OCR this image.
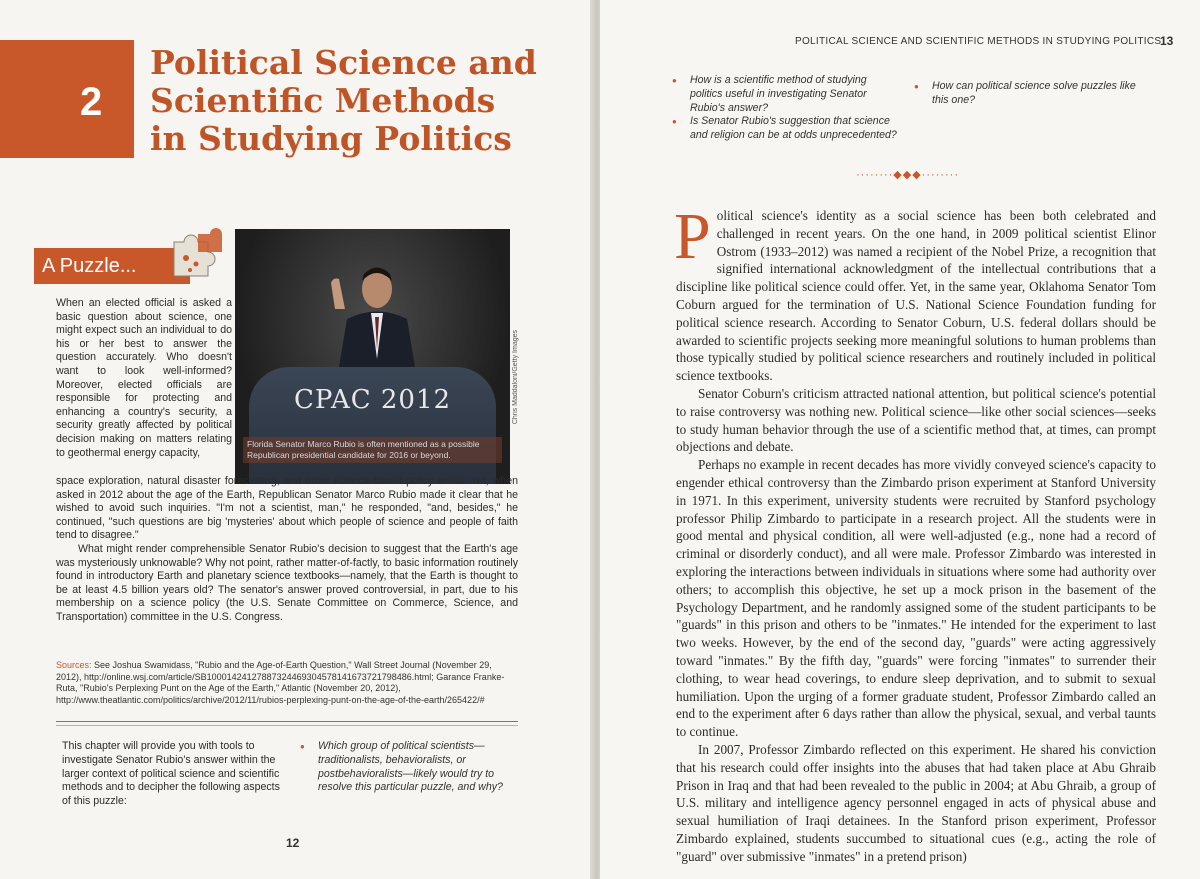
2
Political Science and
Scientific Methods
in Studying Politics
A Puzzle...
CPAC 2012
Florida Senator Marco Rubio is often mentioned as a possible Republican presidential candidate for 2016 or beyond.
Chris Maddaloni/Getty Images

When an elected official is asked a basic question about science, one might expect such an individual to do his or her best to answer the question accurately. Who doesn't want to look well-informed? Moreover, elected officials are responsible for protecting and enhancing a country's security, a security greatly affected by political decision making on matters relating to geothermal energy capacity,

space exploration, natural disaster forecasting, and other science-based policy areas. Yet, when asked in 2012 about the age of the Earth, Republican Senator Marco Rubio made it clear that he wished to avoid such inquiries. "I'm not a scientist, man," he responded, "and, besides," he continued, "such questions are big 'mysteries' about which people of science and people of faith tend to disagree."

What might render comprehensible Senator Rubio's decision to suggest that the Earth's age was mysteriously unknowable? Why not point, rather matter-of-factly, to basic information routinely found in introductory Earth and planetary science textbooks—namely, that the Earth is thought to be at least 4.5 billion years old? The senator's answer proved controversial, in part, due to his membership on a science policy (the U.S. Senate Committee on Commerce, Science, and Transportation) committee in the U.S. Congress.

Sources: See Joshua Swamidass, "Rubio and the Age-of-Earth Question," Wall Street Journal (November 29, 2012), http://online.wsj.com/article/SB10001424127887324469304578141673721798486.html; Garance Franke-Ruta, "Rubio's Perplexing Punt on the Age of the Earth," Atlantic (November 20, 2012), http://www.theatlantic.com/politics/archive/2012/11/rubios-perplexing-punt-on-the-age-of-the-earth/265422/#

This chapter will provide you with tools to investigate Senator Rubio's answer within the larger context of political science and scientific methods and to decipher the following aspects of this puzzle:
● Which group of political scientists—traditionalists, behavioralists, or postbehavioralists—likely would try to resolve this particular puzzle, and why?
12
POLITICAL SCIENCE AND SCIENTIFIC METHODS IN STUDYING POLITICS
13
● How is a scientific method of studying politics useful in investigating Senator Rubio's answer?
● Is Senator Rubio's suggestion that science and religion can be at odds unprecedented?
● How can political science solve puzzles like this one?
········◆◆◆········

Political science's identity as a social science has been both celebrated and challenged in recent years. On the one hand, in 2009 political scientist Elinor Ostrom (1933–2012) was named a recipient of the Nobel Prize, a recognition that signified international acknowledgment of the intellectual contributions that a discipline like political science could offer. Yet, in the same year, Oklahoma Senator Tom Coburn argued for the termination of U.S. National Science Foundation funding for political science research. According to Senator Coburn, U.S. federal dollars should be awarded to scientific projects seeking more meaningful solutions to human problems than those typically studied by political science researchers and routinely included in political science textbooks.

Senator Coburn's criticism attracted national attention, but political science's potential to raise controversy was nothing new. Political science—like other social sciences—seeks to study human behavior through the use of a scientific method that, at times, can prompt objections and debate.

Perhaps no example in recent decades has more vividly conveyed science's capacity to engender ethical controversy than the Zimbardo prison experiment at Stanford University in 1971. In this experiment, university students were recruited by Stanford psychology professor Philip Zimbardo to participate in a research project. All the students were in good mental and physical condition, all were well-adjusted (e.g., none had a record of criminal or disorderly conduct), and all were male. Professor Zimbardo was interested in exploring the interactions between individuals in situations where some had authority over others; to accomplish this objective, he set up a mock prison in the basement of the Psychology Department, and he randomly assigned some of the student participants to be "guards" in this prison and others to be "inmates." He intended for the experiment to last two weeks. However, by the end of the second day, "guards" were acting aggressively toward "inmates." By the fifth day, "guards" were forcing "inmates" to surrender their clothing, to wear head coverings, to endure sleep deprivation, and to submit to sexual humiliation. Upon the urging of a former graduate student, Professor Zimbardo called an end to the experiment after 6 days rather than allow the physical, sexual, and verbal taunts to continue.

In 2007, Professor Zimbardo reflected on this experiment. He shared his conviction that his research could offer insights into the abuses that had taken place at Abu Ghraib Prison in Iraq and that had been revealed to the public in 2004; at Abu Ghraib, a group of U.S. military and intelligence agency personnel engaged in acts of physical abuse and sexual humiliation of Iraqi detainees. In the Stanford prison experiment, Professor Zimbardo explained, students succumbed to situational cues (e.g., acting the role of "guard" over submissive "inmates" in a pretend prison)
